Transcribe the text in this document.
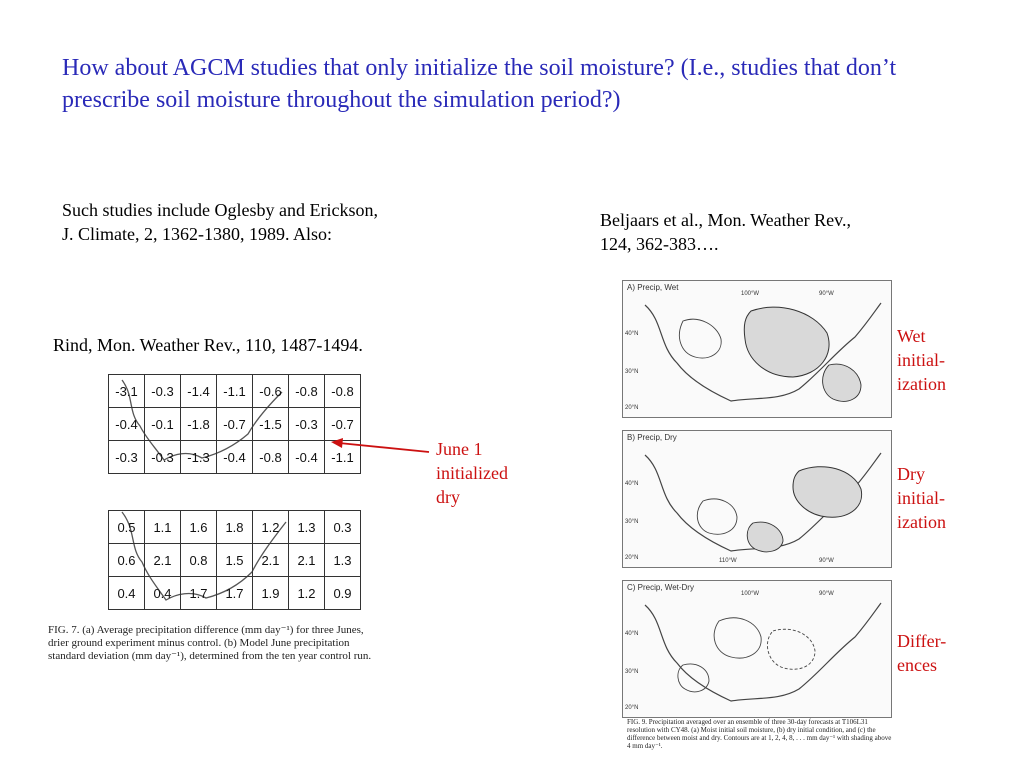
How about AGCM studies that only initialize the soil moisture? (I.e., studies that don’t prescribe soil moisture throughout the simulation period?)
Such studies include Oglesby and Erickson,
J. Climate, 2, 1362-1380, 1989. Also:
Beljaars et al., Mon. Weather Rev.,
124, 362-383….
Rind, Mon. Weather Rev., 110, 1487-1494.
-3.1	-0.3	-1.4	-1.1	-0.6	-0.8	-0.8
-0.4	-0.1	-1.8	-0.7	-1.5	-0.3	-0.7
-0.3	-0.3	-1.3	-0.4	-0.8	-0.4	-1.1
0.5	1.1	1.6	1.8	1.2	1.3	0.3
0.6	2.1	0.8	1.5	2.1	2.1	1.3
0.4	0.4	1.7	1.7	1.9	1.2	0.9
FIG. 7. (a) Average precipitation difference (mm day⁻¹) for three Junes, drier ground experiment minus control. (b) Model June precipitation standard deviation (mm day⁻¹), determined from the ten year control run.
June 1
initialized
dry
A) Precip, Wet
100°W	90°W
40°N
30°N
20°N
B) Precip, Dry
40°N
30°N
20°N	110°W	90°W
C) Precip, Wet-Dry
100°W	90°W
40°N
30°N
20°N
FIG. 9. Precipitation averaged over an ensemble of three 30-day forecasts at T106L31 resolution with CY48. (a) Moist initial soil moisture, (b) dry initial condition, and (c) the difference between moist and dry. Contours are at 1, 2, 4, 8, . . . mm day⁻¹ with shading above 4 mm day⁻¹.
Wet
initial-
ization
Dry
initial-
ization
Differ-
ences
